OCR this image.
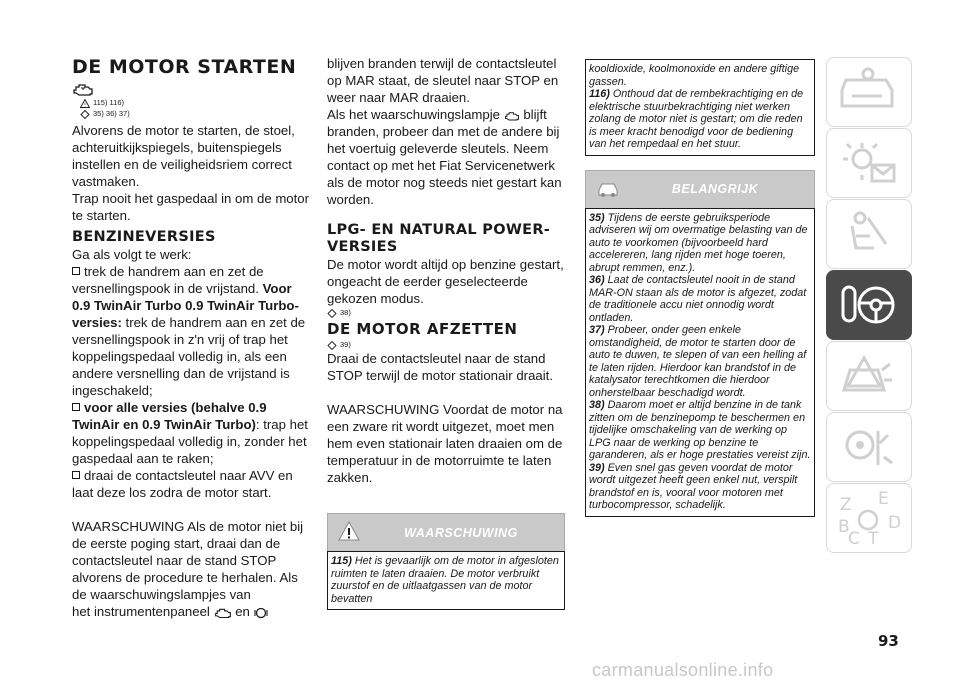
DE MOTOR STARTEN
! 115) 116)
35) 36) 37)

Alvorens de motor te starten, de stoel, achteruitkijkspiegels, buitenspiegels instellen en de veiligheidsriem correct vastmaken.

Trap nooit het gaspedaal in om de motor te starten.

BENZINEVERSIES

Ga als volgt te werk:

trek de handrem aan en zet de versnellingspook in de vrijstand. Voor 0.9 TwinAir Turbo 0.9 TwinAir Turbo-versies: trek de handrem aan en zet de versnellingspook in z'n vrij of trap het koppelingspedaal volledig in, als een andere versnelling dan de vrijstand is ingeschakeld;

voor alle versies (behalve 0.9 TwinAir en 0.9 TwinAir Turbo): trap het koppelingspedaal volledig in, zonder het gaspedaal aan te raken;

draai de contactsleutel naar AVV en laat deze los zodra de motor start.

WAARSCHUWING Als de motor niet bij de eerste poging start, draai dan de contactsleutel naar de stand STOP alvorens de procedure te herhalen. Als de waarschuwingslampjes van

het instrumentenpaneel en

blijven branden terwijl de contactsleutel op MAR staat, de sleutel naar STOP en weer naar MAR draaien.

Als het waarschuwingslampje blijft branden, probeer dan met de andere bij het voertuig geleverde sleutels. Neem contact op met het Fiat Servicenetwerk als de motor nog steeds niet gestart kan worden.

LPG- EN NATURAL POWER-VERSIES

De motor wordt altijd op benzine gestart, ongeacht de eerder geselecteerde gekozen modus.

38)
DE MOTOR AFZETTEN
39)

Draai de contactsleutel naar de stand STOP terwijl de motor stationair draait.

WAARSCHUWING Voordat de motor na een zware rit wordt uitgezet, moet men hem even stationair laten draaien om de temperatuur in de motorruimte te laten zakken.

WAARSCHUWING
115) Het is gevaarlijk om de motor in afgesloten ruimten te laten draaien. De motor verbruikt zuurstof en de uitlaatgassen van de motor bevatten
kooldioxide, koolmonoxide en andere giftige gassen.
116) Onthoud dat de rembekrachtiging en de elektrische stuurbekrachtiging niet werken zolang de motor niet is gestart; om die reden is meer kracht benodigd voor de bediening van het rempedaal en het stuur.
BELANGRIJK
35) Tijdens de eerste gebruiksperiode adviseren wij om overmatige belasting van de auto te voorkomen (bijvoorbeeld hard accelereren, lang rijden met hoge toeren, abrupt remmen, enz.).
36) Laat de contactsleutel nooit in de stand MAR-ON staan als de motor is afgezet, zodat de traditionele accu niet onnodig wordt ontladen.
37) Probeer, onder geen enkele omstandigheid, de motor te starten door de auto te duwen, te slepen of van een helling af te laten rijden. Hierdoor kan brandstof in de katalysator terechtkomen die hierdoor onherstelbaar beschadigd wordt.
38) Daarom moet er altijd benzine in de tank zitten om de benzinepomp te beschermen en tijdelijke omschakeling van de werking op LPG naar de werking op benzine te garanderen, als er hoge prestaties vereist zijn.
39) Even snel gas geven voordat de motor wordt uitgezet heeft geen enkel nut, verspilt brandstof en is, vooral voor motoren met turbocompressor, schadelijk.	Z E
B D
C T
93
carmanualsonline.info
